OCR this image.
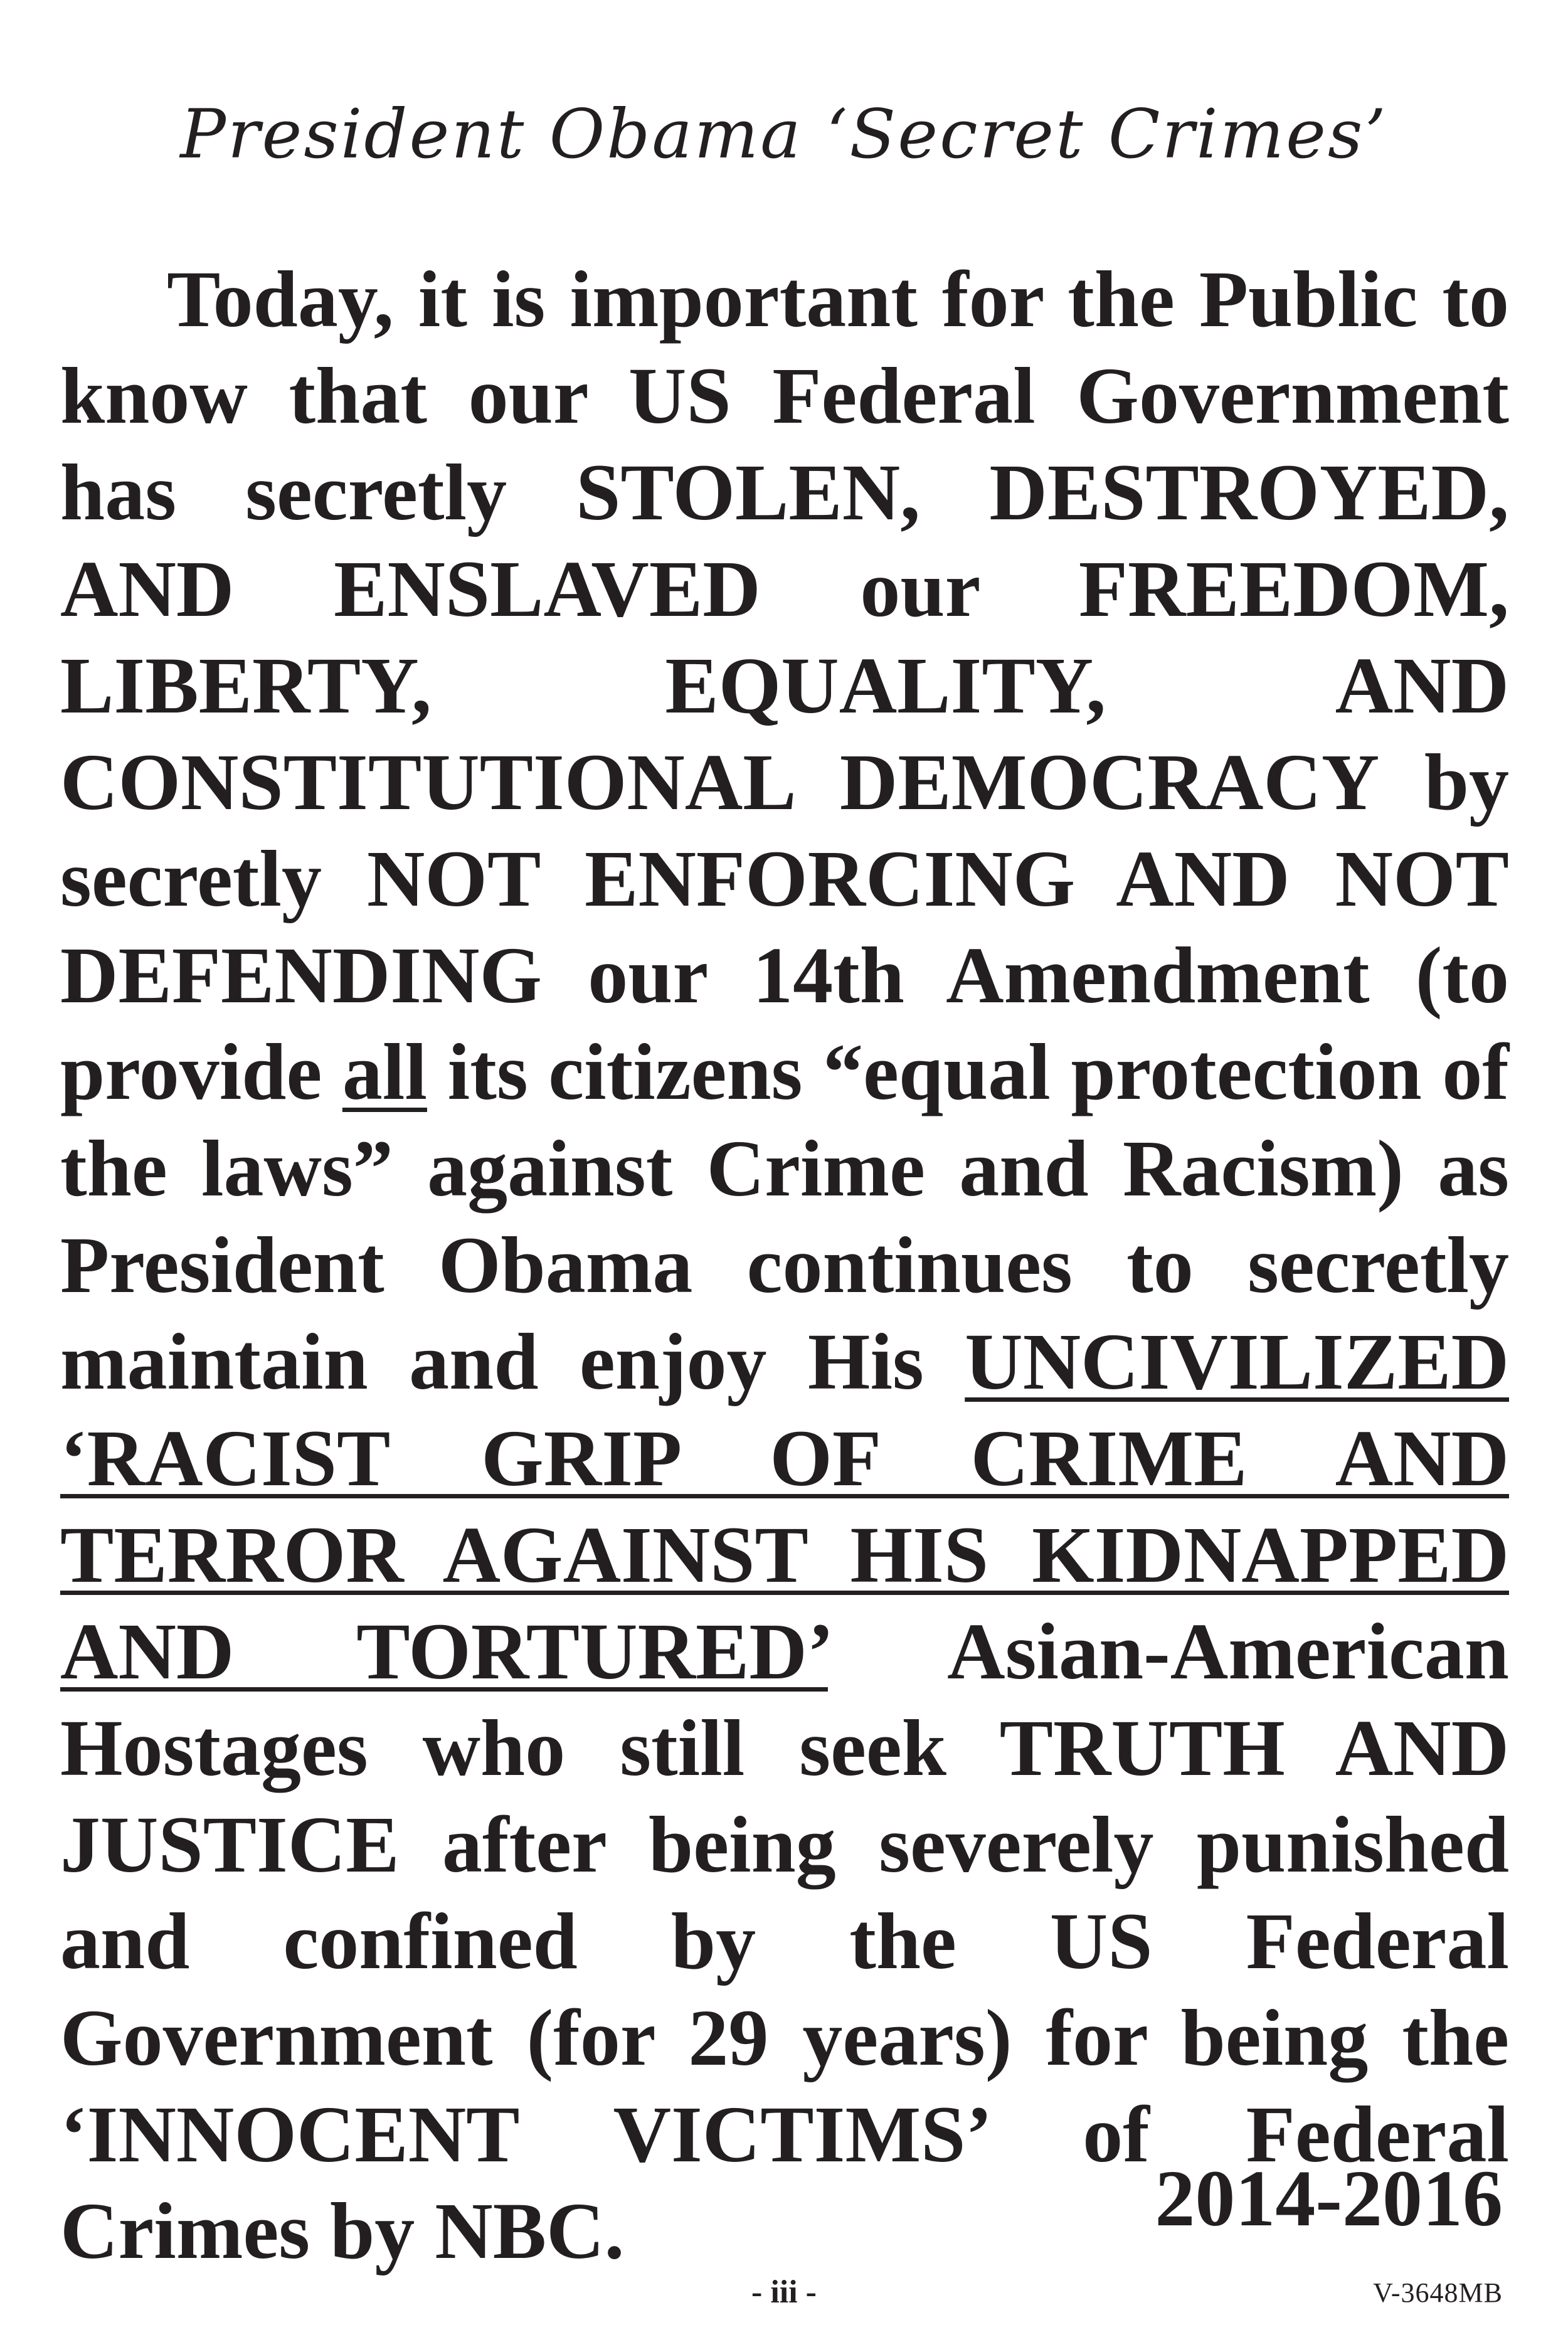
President Obama ‘Secret Crimes’

Today, it is important for the Public to know that our US Federal Government has secretly STOLEN, DESTROYED, AND ENSLAVED our FREEDOM, LIBERTY, EQUALITY, AND CONSTITUTIONAL DEMOCRACY by secretly NOT ENFORCING AND NOT DEFENDING our 14th Amendment (to provide all its citizens “equal protection of the laws” against Crime and Racism) as President Obama continues to secretly maintain and enjoy His UNCIVILIZED ‘RACIST GRIP OF CRIME AND TERROR AGAINST HIS KIDNAPPED AND TORTURED’ Asian-American Hostages who still seek TRUTH AND JUSTICE after being severely punished and confined by the US Federal Government (for 29 years) for being the ‘INNOCENT VICTIMS’ of Federal Crimes by NBC.	2014-2016
- iii -	V-3648MB
